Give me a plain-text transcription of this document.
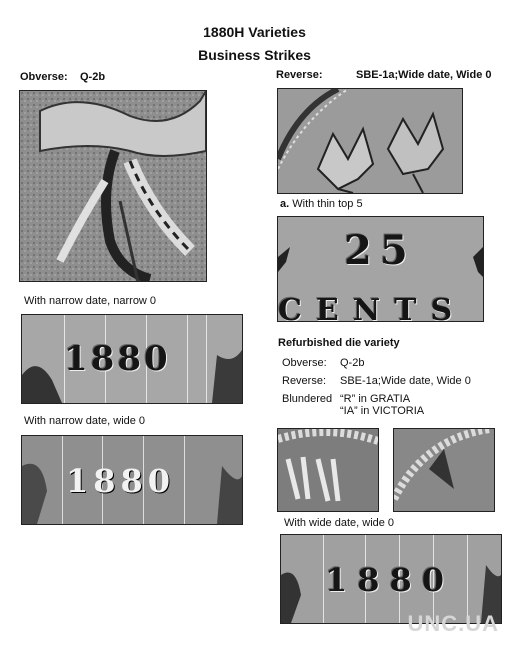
1880H Varieties
Business Strikes
Obverse: Q-2b
With narrow date, narrow 0
1880
With narrow date, wide 0
1880
Reverse:	SBE-1a;Wide date, Wide 0
a. With thin top 5
25
CENTS
Refurbished die variety
Obverse: Q-2b
Reverse: SBE-1a;Wide date, Wide 0
Blundered “R” in GRATIA
“IA” in VICTORIA
With wide date, wide 0
1880
UNC.UA
